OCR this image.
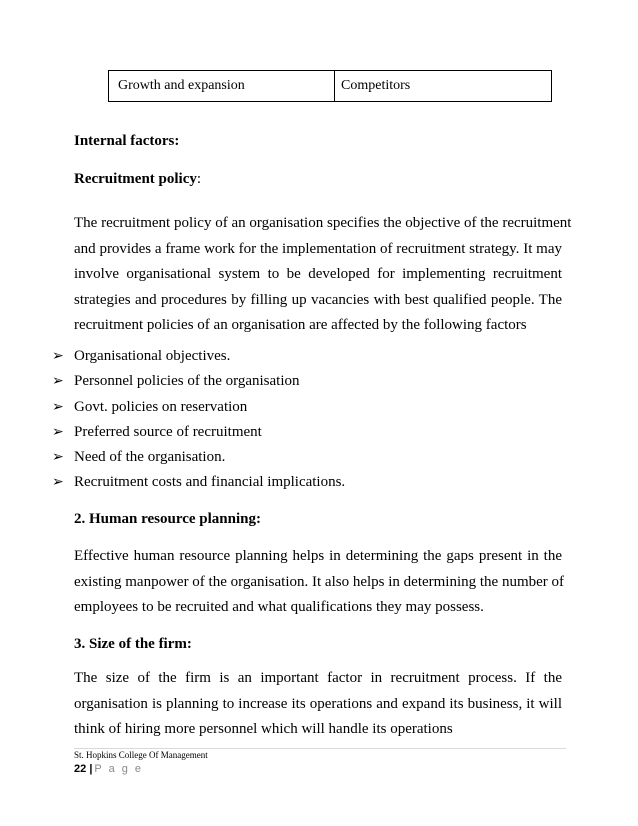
Growth and expansion	Competitors
Internal factors:
Recruitment policy:
The recruitment policy of an organisation specifies the objective of the recruitment
and provides a frame work for the implementation of recruitment strategy. It may
involve organisational system to be developed for implementing recruitment
strategies and procedures by filling up vacancies with best qualified people. The
recruitment policies of an organisation are affected by the following factors
➢ Organisational objectives.
➢ Personnel policies of the organisation
➢ Govt. policies on reservation
➢ Preferred source of recruitment
➢ Need of the organisation.
➢ Recruitment costs and financial implications.
2. Human resource planning:
Effective human resource planning helps in determining the gaps present in the
existing manpower of the organisation. It also helps in determining the number of
employees to be recruited and what qualifications they may possess.
3. Size of the firm:
The size of the firm is an important factor in recruitment process. If the
organisation is planning to increase its operations and expand its business, it will
think of hiring more personnel which will handle its operations
St. Hopkins College Of Management
22 | P a g e
